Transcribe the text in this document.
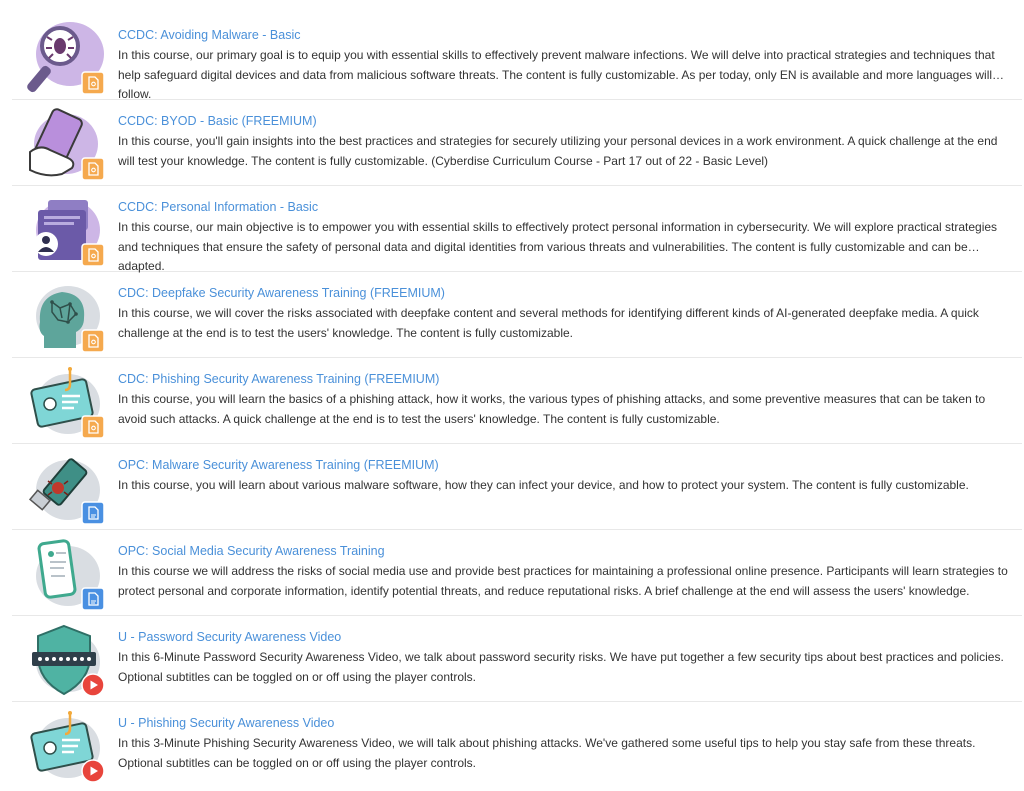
CCDC: Avoiding Malware - Basic
In this course, our primary goal is to equip you with essential skills to effectively prevent malware infections. We will delve into practical strategies and techniques that help safeguard digital devices and data from malicious software threats. The content is fully customizable. As per today, only EN is available and more languages will follow.
CCDC: BYOD - Basic (FREEMIUM)
In this course, you'll gain insights into the best practices and strategies for securely utilizing your personal devices in a work environment. A quick challenge at the end will test your knowledge. The content is fully customizable. (Cyberdise Curriculum Course - Part 17 out of 22 - Basic Level)
CCDC: Personal Information - Basic
In this course, our main objective is to empower you with essential skills to effectively protect personal information in cybersecurity. We will explore practical strategies and techniques that ensure the safety of personal data and digital identities from various threats and vulnerabilities. The content is fully customizable and can be adapted.
CDC: Deepfake Security Awareness Training (FREEMIUM)
In this course, we will cover the risks associated with deepfake content and several methods for identifying different kinds of AI-generated deepfake media. A quick challenge at the end is to test the users' knowledge. The content is fully customizable.
CDC: Phishing Security Awareness Training (FREEMIUM)
In this course, you will learn the basics of a phishing attack, how it works, the various types of phishing attacks, and some preventive measures that can be taken to avoid such attacks. A quick challenge at the end is to test the users' knowledge. The content is fully customizable.
OPC: Malware Security Awareness Training (FREEMIUM)
In this course, you will learn about various malware software, how they can infect your device, and how to protect your system. The content is fully customizable.
OPC: Social Media Security Awareness Training
In this course we will address the risks of social media use and provide best practices for maintaining a professional online presence. Participants will learn strategies to protect personal and corporate information, identify potential threats, and reduce reputational risks. A brief challenge at the end will assess the users' knowledge.
U - Password Security Awareness Video
In this 6-Minute Password Security Awareness Video, we talk about password security risks. We have put together a few security tips about best practices and policies. Optional subtitles can be toggled on or off using the player controls.
U - Phishing Security Awareness Video
In this 3-Minute Phishing Security Awareness Video, we will talk about phishing attacks. We've gathered some useful tips to help you stay safe from these threats. Optional subtitles can be toggled on or off using the player controls.
